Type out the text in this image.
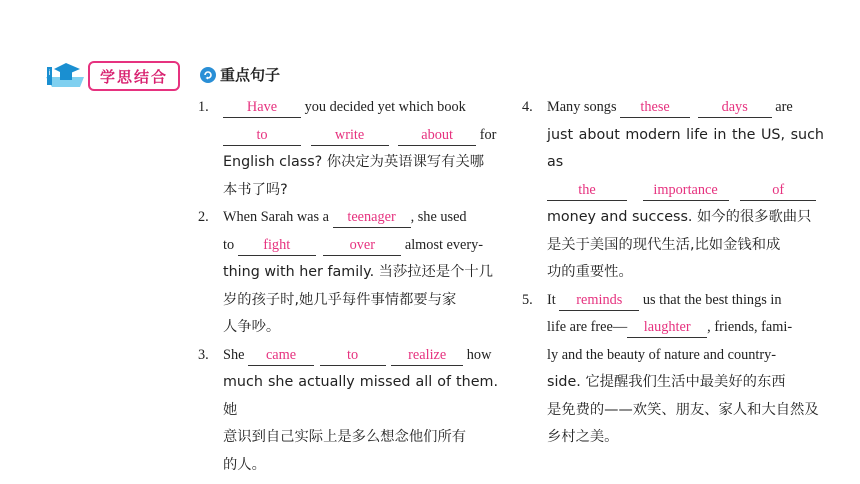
i	学思结合	重点句子
1.	Have you decided yet which book
to	write	about for
English class? 你决定为英语课写有关哪
本书了吗?
2. When Sarah was a teenager , she used
to fight	over almost every-
thing with her family. 当莎拉还是个十几
岁的孩子时,她几乎每件事情都要与家
人争吵。
3. She came	to	realize how
much she actually missed all of them. 她
意识到自己实际上是多么想念他们所有
的人。
4. Many songs these	days are
just about modern life in the US, such as
the	importance	of
money and success. 如今的很多歌曲只
是关于美国的现代生活,比如金钱和成
功的重要性。
5. It reminds us that the best things in
life are free— laughter , friends, fami-
ly and the beauty of nature and country-
side. 它提醒我们生活中最美好的东西
是免费的——欢笑、朋友、家人和大自然及
乡村之美。
